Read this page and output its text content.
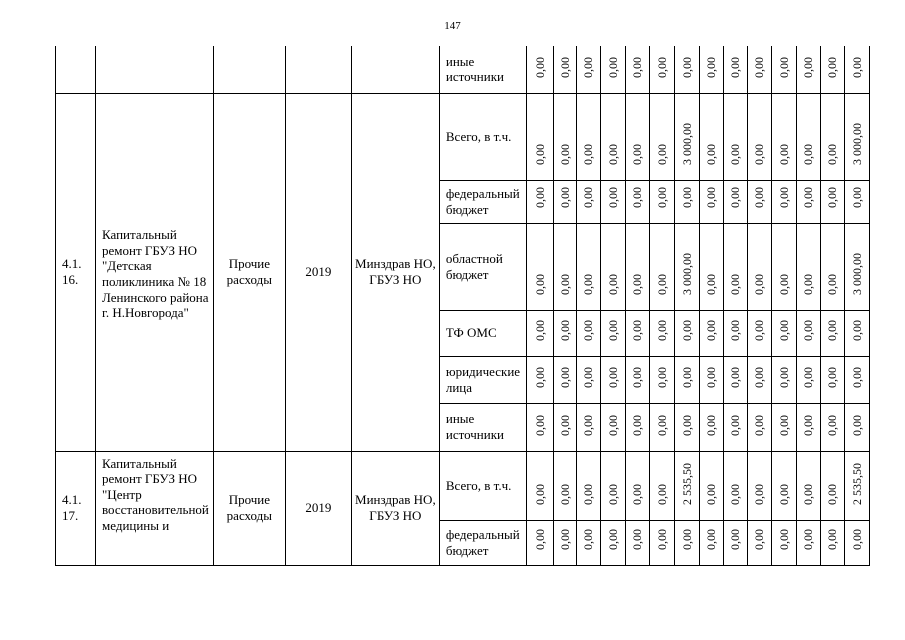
147
					иные источники	0,00	0,00	0,00	0,00	0,00	0,00	0,00	0,00	0,00	0,00	0,00	0,00	0,00	0,00

4.1.
16.	Капитальный ремонт ГБУЗ НО "Детская поликлиника № 18 Ленинского района г. Н.Новгорода"	Прочие расходы	2019	Минздрав НО, ГБУЗ НО	Всего, в т.ч.	0,00	0,00	0,00	0,00	0,00	0,00	3 000,00	0,00	0,00	0,00	0,00	0,00	0,00	3 000,00

					федеральный бюджет	0,00	0,00	0,00	0,00	0,00	0,00	0,00	0,00	0,00	0,00	0,00	0,00	0,00	0,00

					областной бюджет	0,00	0,00	0,00	0,00	0,00	0,00	3 000,00	0,00	0,00	0,00	0,00	0,00	0,00	3 000,00

					ТФ ОМС	0,00	0,00	0,00	0,00	0,00	0,00	0,00	0,00	0,00	0,00	0,00	0,00	0,00	0,00

					юридические лица	0,00	0,00	0,00	0,00	0,00	0,00	0,00	0,00	0,00	0,00	0,00	0,00	0,00	0,00

					иные источники	0,00	0,00	0,00	0,00	0,00	0,00	0,00	0,00	0,00	0,00	0,00	0,00	0,00	0,00

4.1.
17.	Капитальный ремонт ГБУЗ НО "Центр восстановительной медицины и	Прочие расходы	2019	Минздрав НО, ГБУЗ НО	Всего, в т.ч.	0,00	0,00	0,00	0,00	0,00	0,00	2 535,50	0,00	0,00	0,00	0,00	0,00	0,00	2 535,50

					федеральный бюджет	0,00	0,00	0,00	0,00	0,00	0,00	0,00	0,00	0,00	0,00	0,00	0,00	0,00	0,00
